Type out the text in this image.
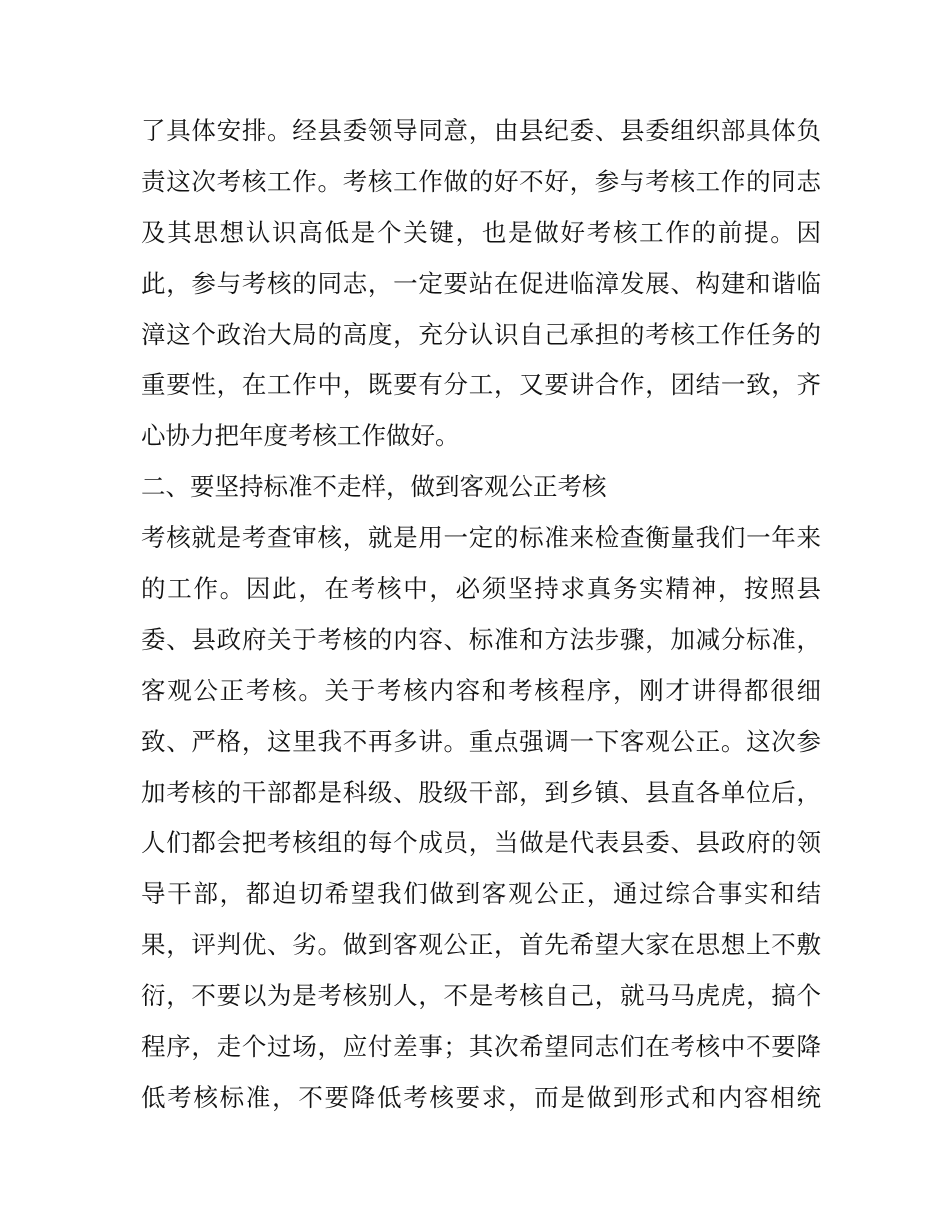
了具体安排。经县委领导同意，由县纪委、县委组织部具体负
责这次考核工作。考核工作做的好不好，参与考核工作的同志
及其思想认识高低是个关键，也是做好考核工作的前提。因
此，参与考核的同志，一定要站在促进临漳发展、构建和谐临
漳这个政治大局的高度，充分认识自己承担的考核工作任务的
重要性，在工作中，既要有分工，又要讲合作，团结一致，齐
心协力把年度考核工作做好。
二、要坚持标准不走样，做到客观公正考核
考核就是考查审核，就是用一定的标准来检查衡量我们一年来
的工作。因此，在考核中，必须坚持求真务实精神，按照县
委、县政府关于考核的内容、标准和方法步骤，加减分标准，
客观公正考核。关于考核内容和考核程序，刚才讲得都很细
致、严格，这里我不再多讲。重点强调一下客观公正。这次参
加考核的干部都是科级、股级干部，到乡镇、县直各单位后，
人们都会把考核组的每个成员，当做是代表县委、县政府的领
导干部，都迫切希望我们做到客观公正，通过综合事实和结
果，评判优、劣。做到客观公正，首先希望大家在思想上不敷
衍，不要以为是考核别人，不是考核自己，就马马虎虎，搞个
程序，走个过场，应付差事；其次希望同志们在考核中不要降
低考核标准，不要降低考核要求，而是做到形式和内容相统
